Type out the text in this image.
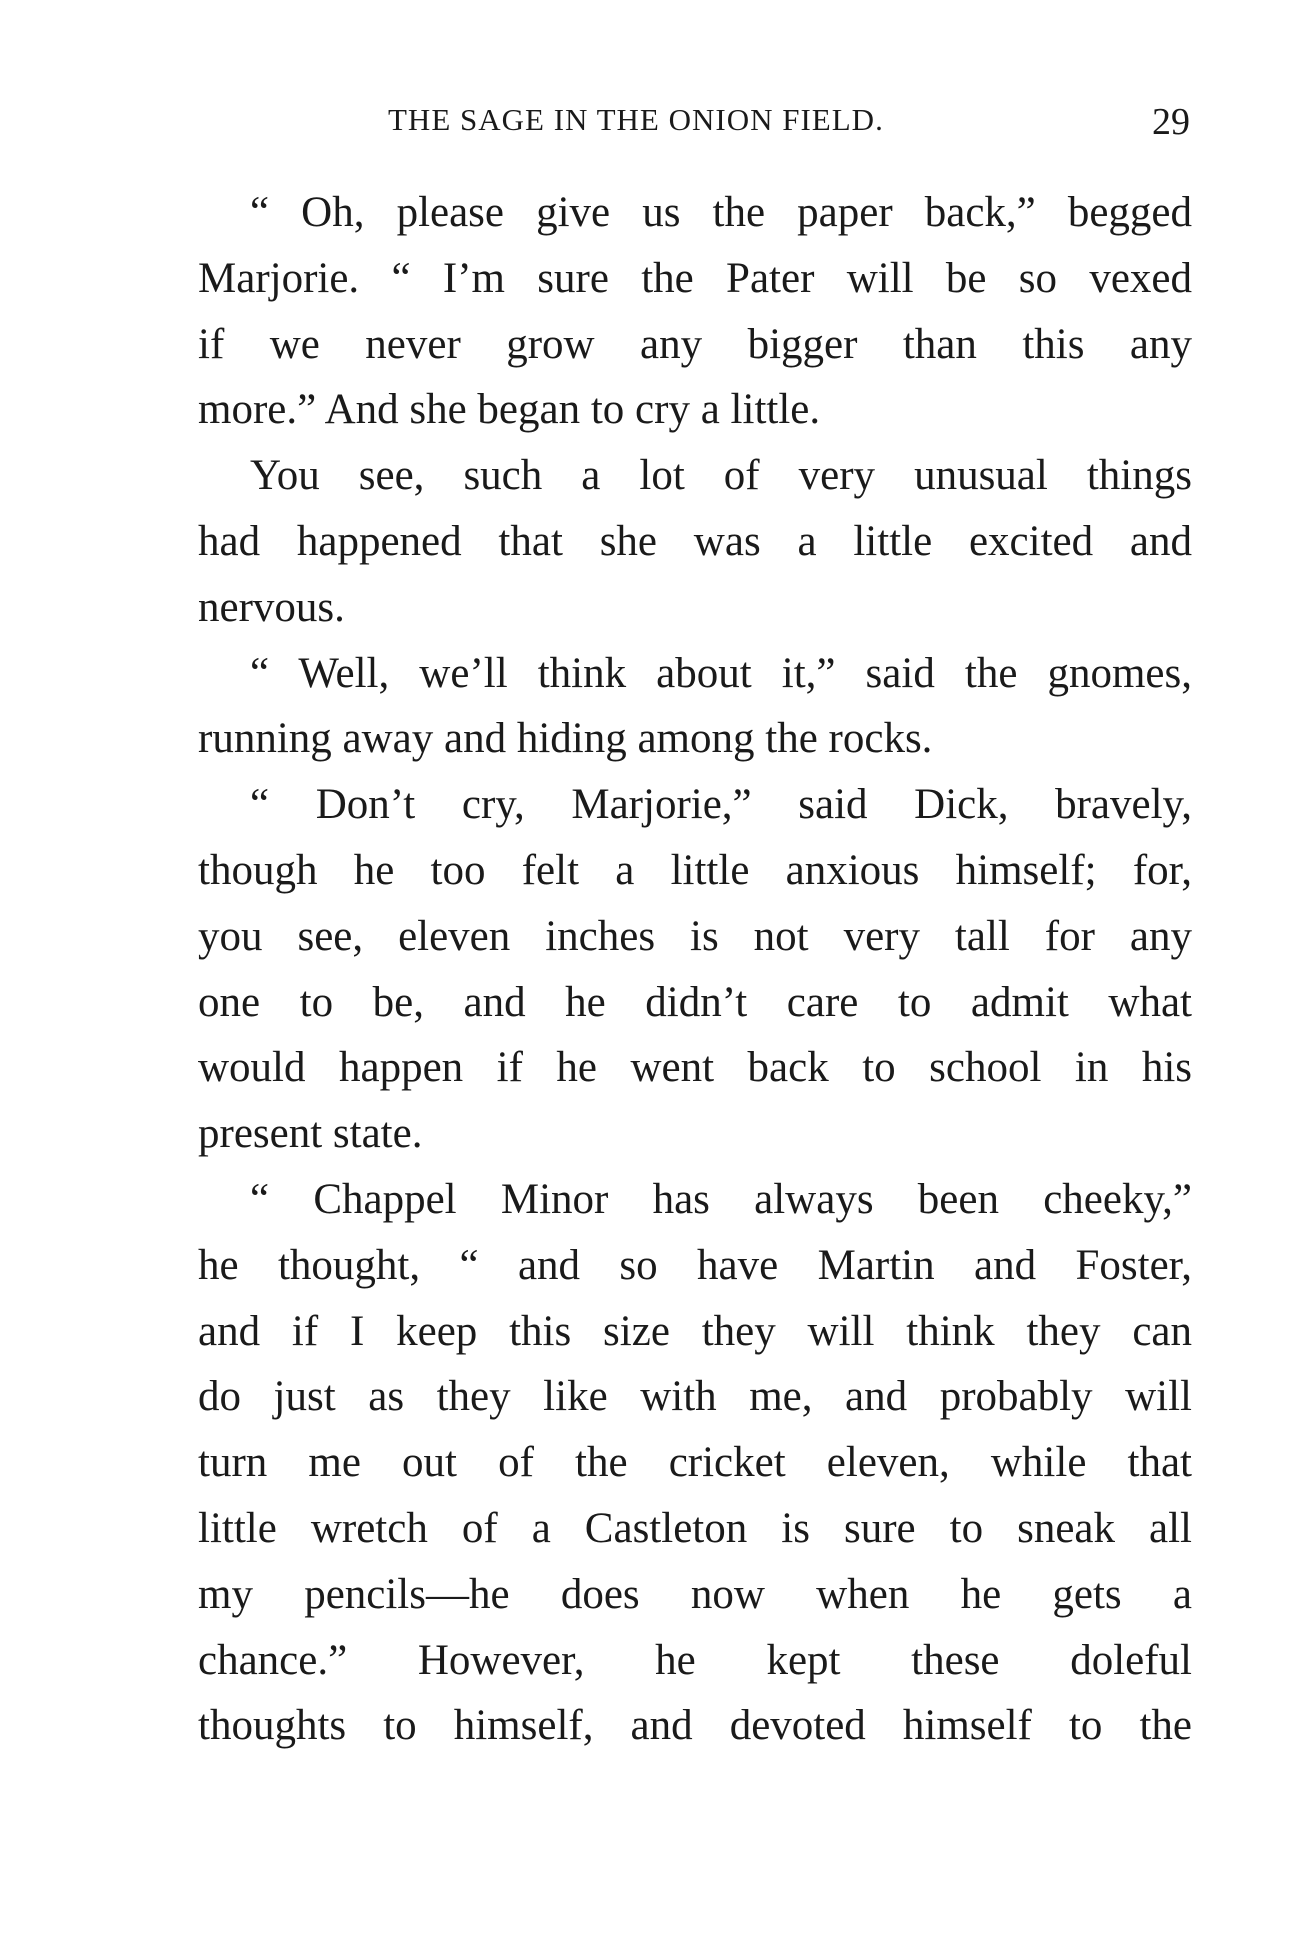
THE SAGE IN THE ONION FIELD.	29
“ Oh, please give us the paper back,” begged
Marjorie. “ I’m sure the Pater will be so vexed
if we never grow any bigger than this any
more.” And she began to cry a little.
You see, such a lot of very unusual things
had happened that she was a little excited and
nervous.
“ Well, we’ll think about it,” said the gnomes,
running away and hiding among the rocks.
“ Don’t cry, Marjorie,” said Dick, bravely,
though he too felt a little anxious himself; for,
you see, eleven inches is not very tall for any
one to be, and he didn’t care to admit what
would happen if he went back to school in his
present state.
“ Chappel Minor has always been cheeky,”
he thought, “ and so have Martin and Foster,
and if I keep this size they will think they can
do just as they like with me, and probably will
turn me out of the cricket eleven, while that
little wretch of a Castleton is sure to sneak all
my pencils—he does now when he gets a
chance.” However, he kept these doleful
thoughts to himself, and devoted himself to the
